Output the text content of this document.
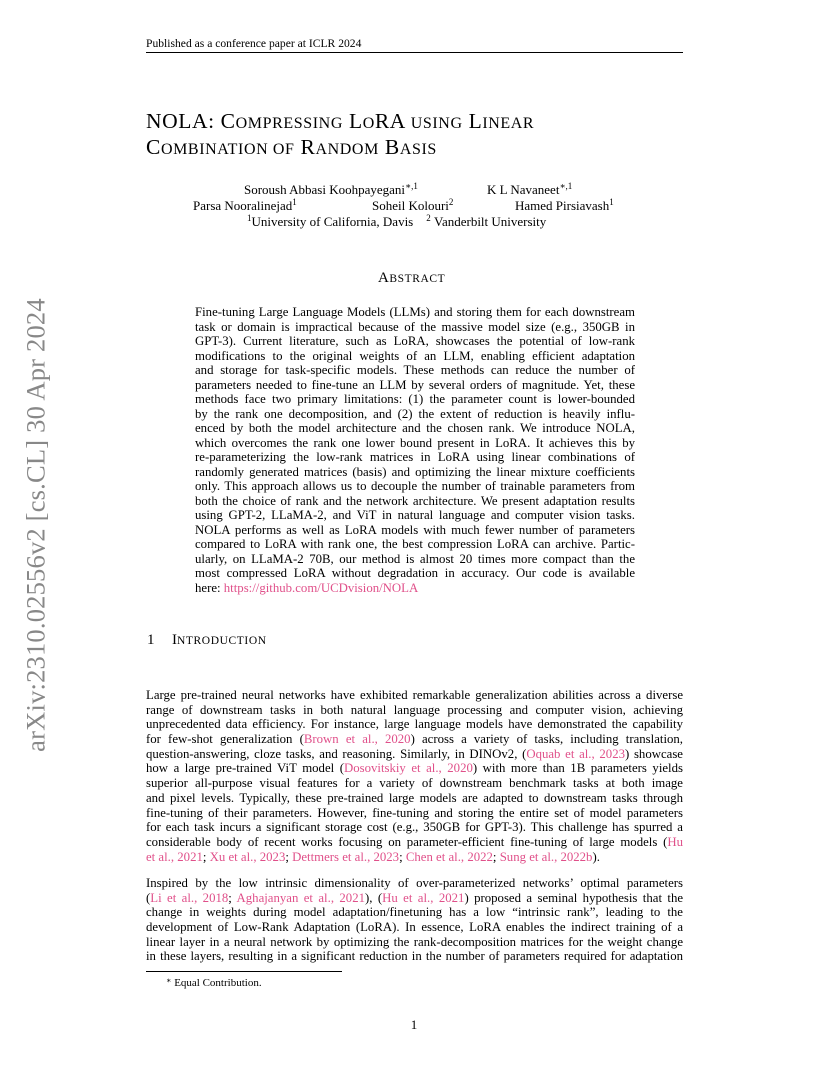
Published as a conference paper at ICLR 2024
arXiv:2310.02556v2 [cs.CL] 30 Apr 2024
NOLA: COMPRESSING LORA USING LINEAR
COMBINATION OF RANDOM BASIS
Soroush Abbasi Koohpayegani$^{∗,1}$	K L Navaneet$^{∗,1}$
Parsa Nooralinejad$^1$	Soheil Kolouri$^2$	Hamed Pirsiavash$^1$
$^1$University of California, Davis $^2$ Vanderbilt University
ABSTRACT
Fine-tuning Large Language Models (LLMs) and storing them for each downstream
task or domain is impractical because of the massive model size (e.g., 350GB in
GPT-3). Current literature, such as LoRA, showcases the potential of low-rank
modifications to the original weights of an LLM, enabling efficient adaptation
and storage for task-specific models. These methods can reduce the number of
parameters needed to fine-tune an LLM by several orders of magnitude. Yet, these
methods face two primary limitations: (1) the parameter count is lower-bounded
by the rank one decomposition, and (2) the extent of reduction is heavily influ-
enced by both the model architecture and the chosen rank. We introduce NOLA,
which overcomes the rank one lower bound present in LoRA. It achieves this by
re-parameterizing the low-rank matrices in LoRA using linear combinations of
randomly generated matrices (basis) and optimizing the linear mixture coefficients
only. This approach allows us to decouple the number of trainable parameters from
both the choice of rank and the network architecture. We present adaptation results
using GPT-2, LLaMA-2, and ViT in natural language and computer vision tasks.
NOLA performs as well as LoRA models with much fewer number of parameters
compared to LoRA with rank one, the best compression LoRA can archive. Partic-
ularly, on LLaMA-2 70B, our method is almost 20 times more compact than the
most compressed LoRA without degradation in accuracy. Our code is available
here: https://github.com/UCDvision/NOLA
1 INTRODUCTION
Large pre-trained neural networks have exhibited remarkable generalization abilities across a diverse
range of downstream tasks in both natural language processing and computer vision, achieving
unprecedented data efficiency. For instance, large language models have demonstrated the capability
for few-shot generalization (Brown et al., 2020) across a variety of tasks, including translation,
question-answering, cloze tasks, and reasoning. Similarly, in DINOv2, (Oquab et al., 2023) showcase
how a large pre-trained ViT model (Dosovitskiy et al., 2020) with more than 1B parameters yields
superior all-purpose visual features for a variety of downstream benchmark tasks at both image
and pixel levels. Typically, these pre-trained large models are adapted to downstream tasks through
fine-tuning of their parameters. However, fine-tuning and storing the entire set of model parameters
for each task incurs a significant storage cost (e.g., 350GB for GPT-3). This challenge has spurred a
considerable body of recent works focusing on parameter-efficient fine-tuning of large models (Hu
et al., 2021; Xu et al., 2023; Dettmers et al., 2023; Chen et al., 2022; Sung et al., 2022b).
Inspired by the low intrinsic dimensionality of over-parameterized networks’ optimal parameters
(Li et al., 2018; Aghajanyan et al., 2021), (Hu et al., 2021) proposed a seminal hypothesis that the
change in weights during model adaptation/finetuning has a low “intrinsic rank”, leading to the
development of Low-Rank Adaptation (LoRA). In essence, LoRA enables the indirect training of a
linear layer in a neural network by optimizing the rank-decomposition matrices for the weight change
in these layers, resulting in a significant reduction in the number of parameters required for adaptation
∗ Equal Contribution.
1
